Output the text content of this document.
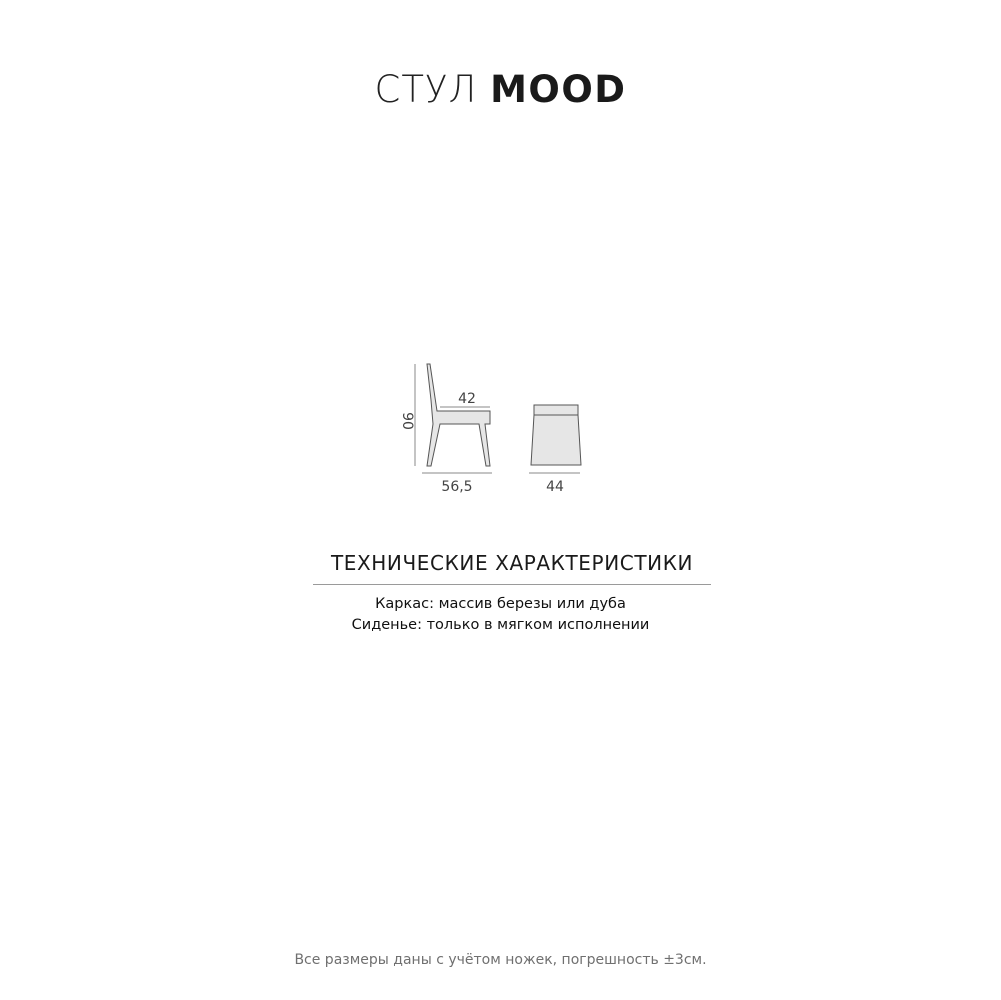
СТУЛ MOOD
90
42
56,5	44
ТЕХНИЧЕСКИЕ ХАРАКТЕРИСТИКИ
Каркас: массив березы или дуба
Сиденье: только в мягком исполнении
Все размеры даны с учётом ножек, погрешность ±3см.
